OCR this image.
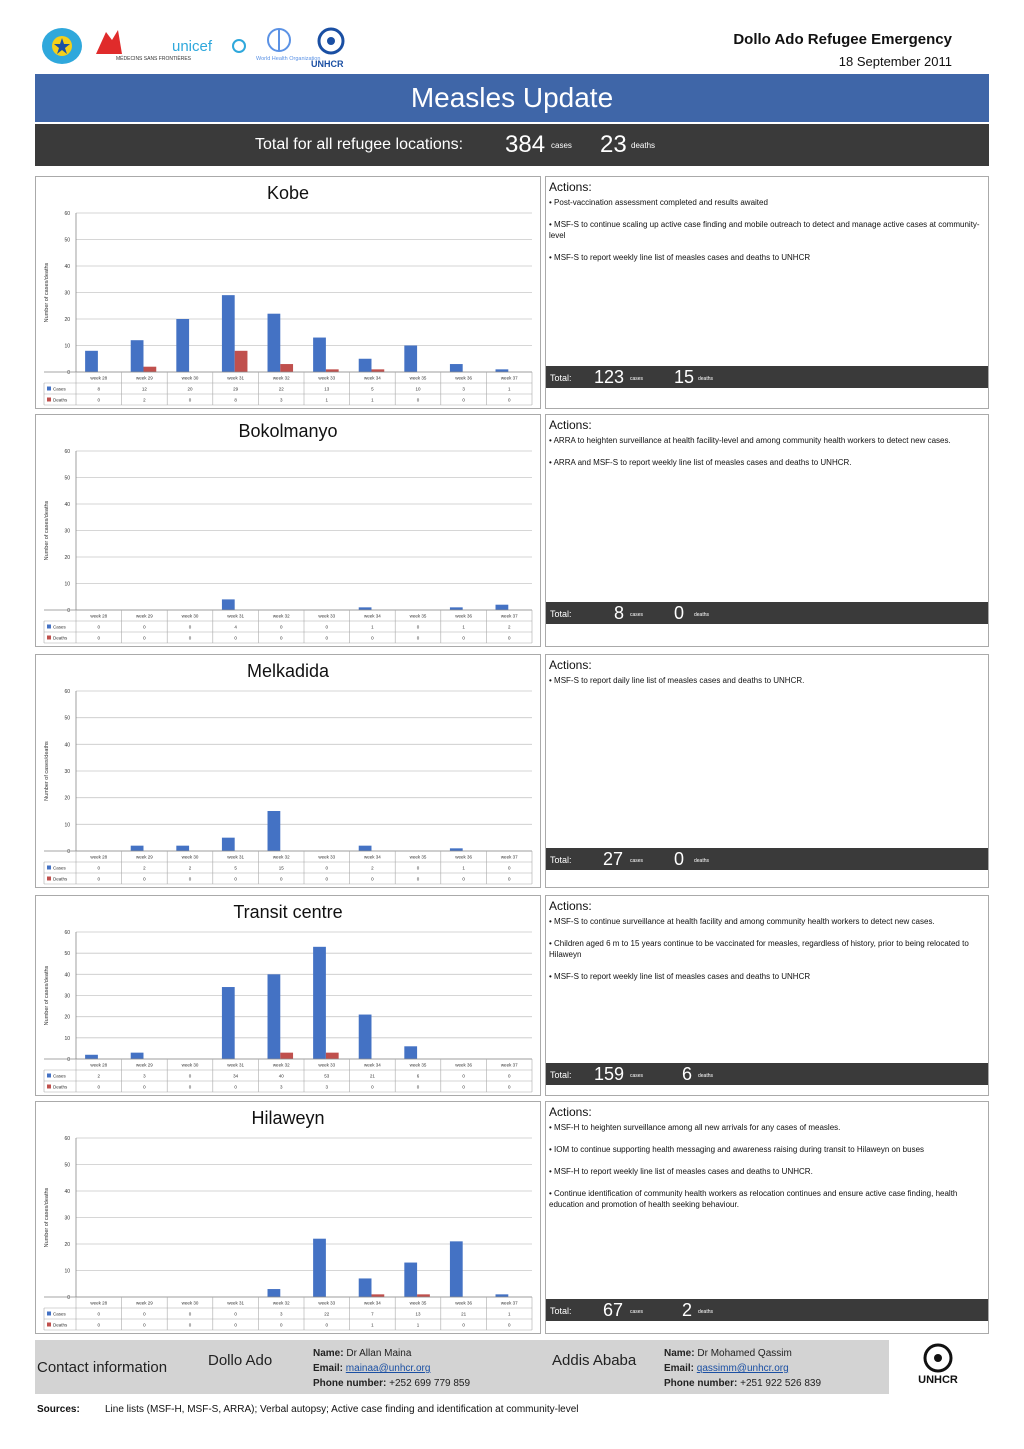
MÉDECINS SANS FRONTIÈRES
unicef
World Health Organization
UNHCR
Dollo Ado Refugee Emergency
18 September 2011
Measles Update
Total for all refugee locations: 384 cases 23 deaths
Kobe
0
10
20
30
40
50
60
Number of cases/deaths
week 28	week 29	week 30	week 31	week 32	week 33	week 34	week 35	week 36	week 37
Cases	8	12	20	29	22	13	5	10	3	1
Deaths	0	2	0	8	3	1	1	0	0	0
Actions:
• Post-vaccination assessment completed and results awaited
• MSF-S to continue scaling up active case finding and mobile outreach to detect and manage active cases at community-level
• MSF-S to report weekly line list of measles cases and deaths to UNHCR
Total: 123 cases 15 deaths
Bokolmanyo
0
10
20
30
40
50
60
Number of cases/deaths
week 28	week 29	week 30	week 31	week 32	week 33	week 34	week 35	week 36	week 37
Cases	0	0	0	4	0	0	1	0	1	2
Deaths	0	0	0	0	0	0	0	0	0	0
Actions:
• ARRA to heighten surveillance at health facility-level and among community health workers to detect new cases.
• ARRA and MSF-S to report weekly line list of measles cases and deaths to UNHCR.
Total: 8 cases 0 deaths
Melkadida
0
10
20
30
40
50
60
Number of cases/deaths
week 28	week 29	week 30	week 31	week 32	week 33	week 34	week 35	week 36	week 37
Cases	0	2	2	5	15	0	2	0	1	0
Deaths	0	0	0	0	0	0	0	0	0	0
Actions:
• MSF-S to report daily line list of measles cases and deaths to UNHCR.
Total: 27 cases 0 deaths
Transit centre
0
10
20
30
40
50
60
Number of cases/deaths
week 28	week 29	week 30	week 31	week 32	week 33	week 34	week 35	week 36	week 37
Cases	2	3	0	34	40	53	21	6	0	0
Deaths	0	0	0	0	3	3	0	0	0	0
Actions:
• MSF-S to continue surveillance at health facility and among community health workers to detect new cases.
• Children aged 6 m to 15 years continue to be vaccinated for measles, regardless of history, prior to being relocated to Hilaweyn
• MSF-S to report weekly line list of measles cases and deaths to UNHCR
Total: 159 cases 6 deaths
Hilaweyn
0
10
20
30
40
50
60
Number of cases/deaths
week 28	week 29	week 30	week 31	week 32	week 33	week 34	week 35	week 36	week 37
Cases	0	0	0	0	3	22	7	13	21	1
Deaths	0	0	0	0	0	0	1	1	0	0
Actions:
• MSF-H to heighten surveillance among all new arrivals for any cases of measles.
• IOM to continue supporting health messaging and awareness raising during transit to Hilaweyn on buses
• MSF-H to report weekly line list of measles cases and deaths to UNHCR.
• Continue identification of community health workers as relocation continues and ensure active case finding, health education and promotion of health seeking behaviour.
Total: 67 cases 2 deaths
Contact information	Dollo Ado	Name: Dr Allan Maina
Email: mainaa@unhcr.org
Phone number: +252 699 779 859
Addis Ababa	Name: Dr Mohamed Qassim
Email: qassimm@unhcr.org
Phone number: +251 922 526 839	UNHCR
Sources:	Line lists (MSF-H, MSF-S, ARRA); Verbal autopsy; Active case finding and identification at community-level
